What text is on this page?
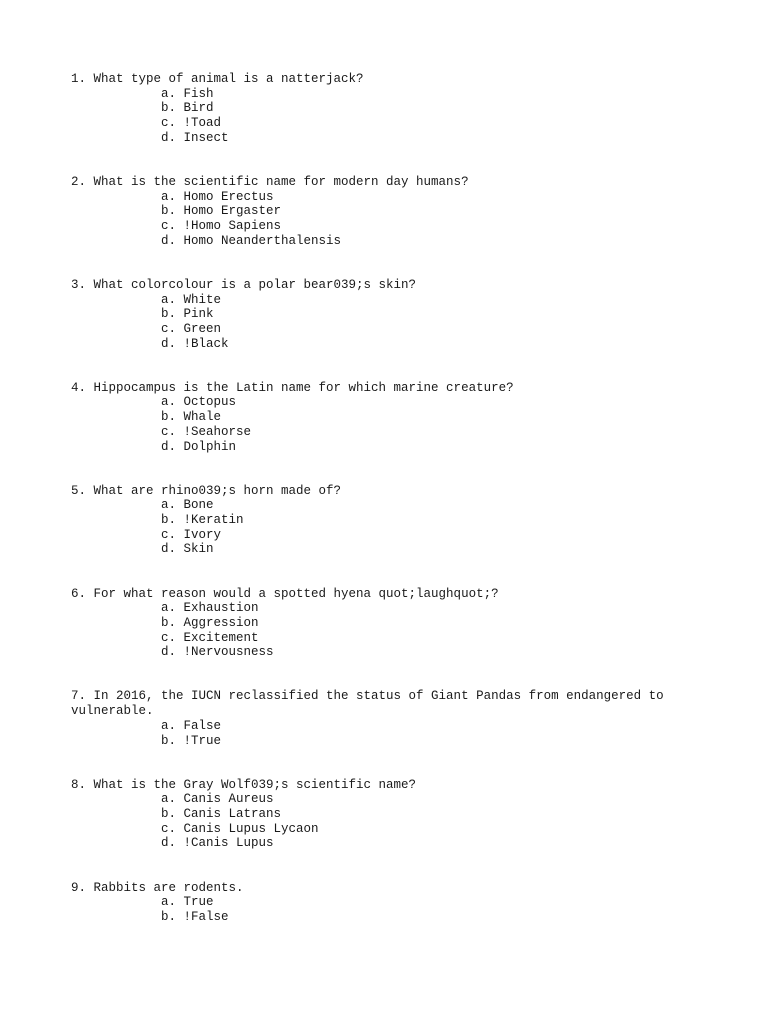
1. What type of animal is a natterjack?

a. Fish
b. Bird
c. !Toad
d. Insect

2. What is the scientific name for modern day humans?

a. Homo Erectus
b. Homo Ergaster
c. !Homo Sapiens
d. Homo Neanderthalensis

3. What colorcolour is a polar bear039;s skin?

a. White
b. Pink
c. Green
d. !Black

4. Hippocampus is the Latin name for which marine creature?

a. Octopus
b. Whale
c. !Seahorse
d. Dolphin

5. What are rhino039;s horn made of?

a. Bone
b. !Keratin
c. Ivory
d. Skin

6. For what reason would a spotted hyena quot;laughquot;?

a. Exhaustion
b. Aggression
c. Excitement
d. !Nervousness

7. In 2016, the IUCN reclassified the status of Giant Pandas from endangered to vulnerable.

a. False
b. !True

8. What is the Gray Wolf039;s scientific name?

a. Canis Aureus
b. Canis Latrans
c. Canis Lupus Lycaon
d. !Canis Lupus

9. Rabbits are rodents.

a. True
b. !False
